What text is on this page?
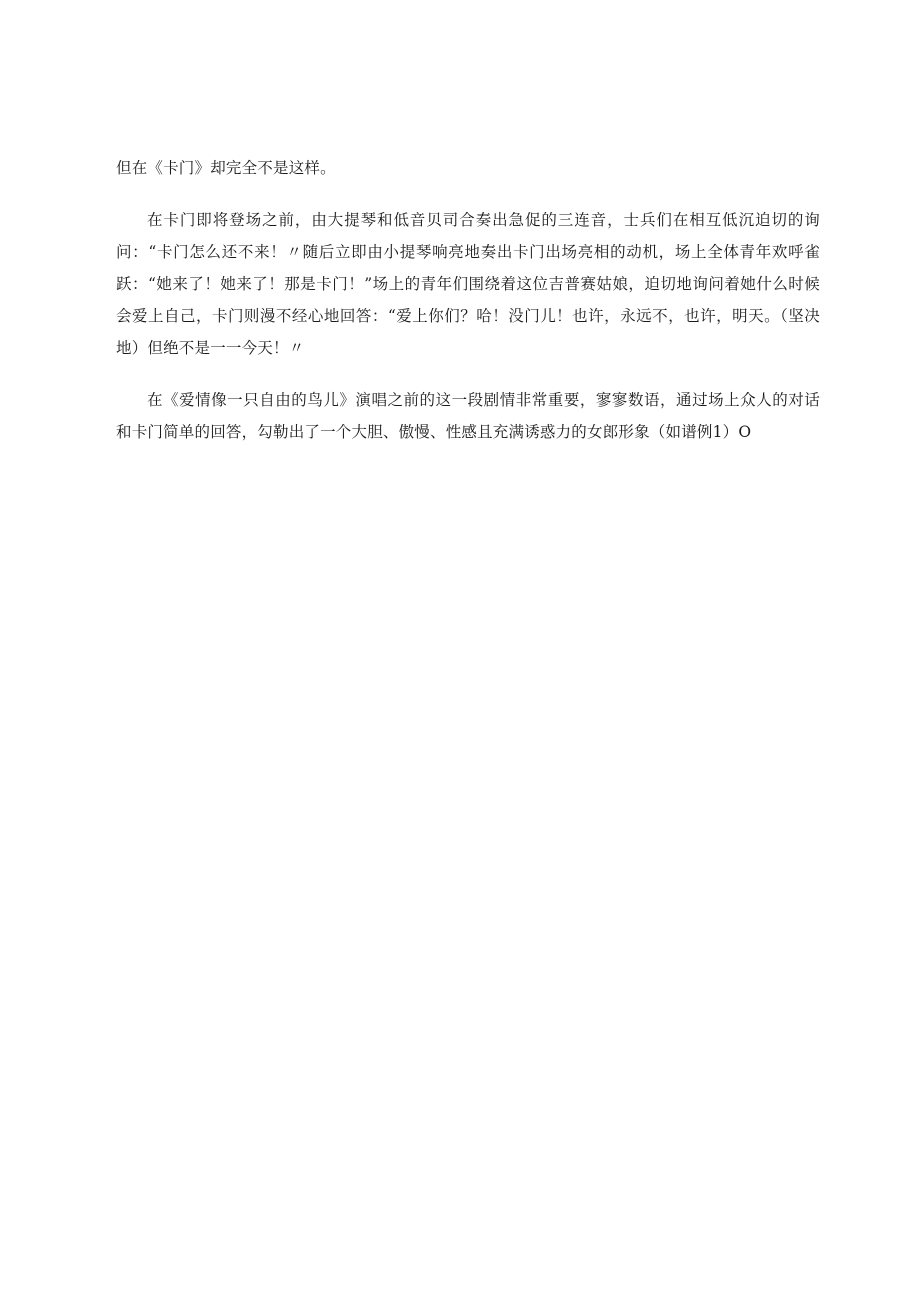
但在《卡门》却完全不是这样。

在卡门即将登场之前，由大提琴和低音贝司合奏出急促的三连音，士兵们在相互低沉迫切的询问：“卡门怎么还不来！〃随后立即由小提琴响亮地奏出卡门出场亮相的动机，场上全体青年欢呼雀跃：“她来了！她来了！那是卡门！”场上的青年们围绕着这位吉普赛姑娘，迫切地询问着她什么时候会爱上自己，卡门则漫不经心地回答：“爱上你们？哈！没门儿！也许，永远不，也许，明天。（坚决地）但绝不是一一今天！〃

在《爱情像一只自由的鸟儿》演唱之前的这一段剧情非常重要，寥寥数语，通过场上众人的对话和卡门简单的回答，勾勒出了一个大胆、傲慢、性感且充满诱惑力的女郎形象（如谱例1）O
